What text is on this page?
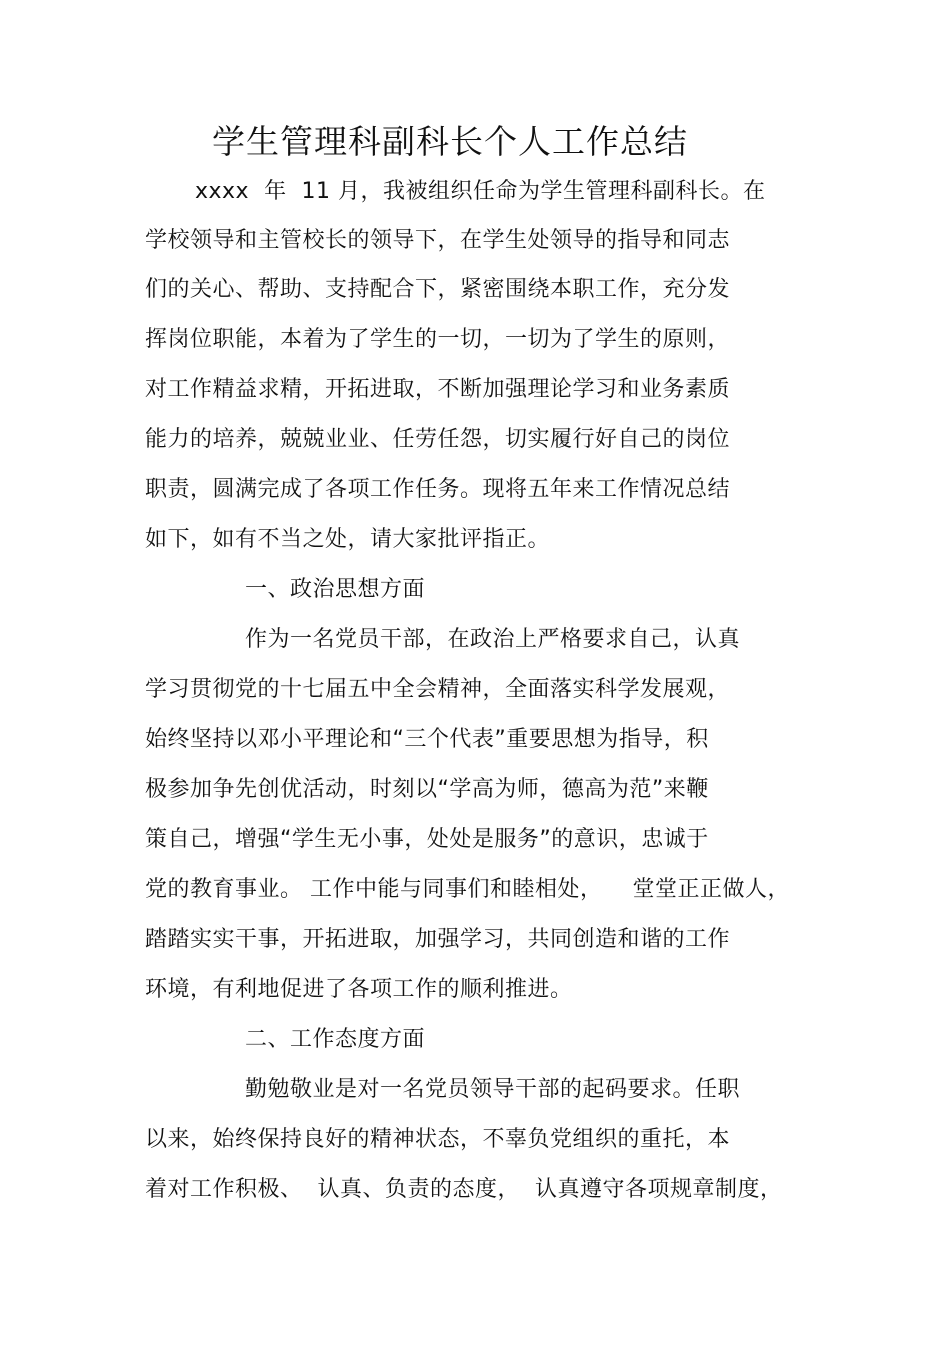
学生管理科副科长个人工作总结
xxxx  年  11 月，我被组织任命为学生管理科副科长。在
学校领导和主管校长的领导下，在学生处领导的指导和同志
们的关心、帮助、支持配合下，紧密围绕本职工作，充分发
挥岗位职能，本着为了学生的一切，一切为了学生的原则，
对工作精益求精，开拓进取，不断加强理论学习和业务素质
能力的培养，兢兢业业、任劳任怨，切实履行好自己的岗位
职责，圆满完成了各项工作任务。现将五年来工作情况总结
如下，如有不当之处，请大家批评指正。
一、政治思想方面
作为一名党员干部，在政治上严格要求自己，认真
学习贯彻党的十七届五中全会精神，全面落实科学发展观，
始终坚持以邓小平理论和“三个代表”重要思想为指导，积
极参加争先创优活动，时刻以“学高为师，德高为范”来鞭
策自己，增强“学生无小事，处处是服务”的意识，忠诚于
党的教育事业。 工作中能与同事们和睦相处，    堂堂正正做人，
踏踏实实干事，开拓进取，加强学习，共同创造和谐的工作
环境，有利地促进了各项工作的顺利推进。
二、工作态度方面
勤勉敬业是对一名党员领导干部的起码要求。任职
以来，始终保持良好的精神状态，不辜负党组织的重托，本
着对工作积极、  认真、负责的态度，  认真遵守各项规章制度，
